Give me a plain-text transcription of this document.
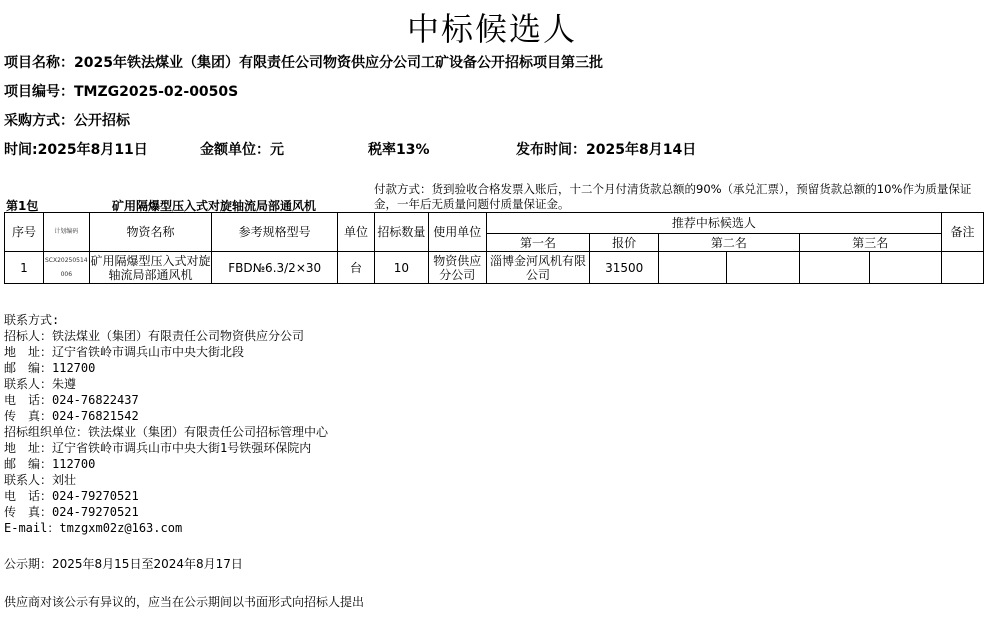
中标候选人
项目名称：2025年铁法煤业（集团）有限责任公司物资供应分公司工矿设备公开招标项目第三批
项目编号：TMZG2025-02-0050S
采购方式：公开招标
时间:2025年8月11日	金额单位：元	税率13%	发布时间：2025年8月14日
第1包	矿用隔爆型压入式对旋轴流局部通风机
付款方式：货到验收合格发票入账后，十二个月付清货款总额的90%（承兑汇票），预留货款总额的10%作为质量保证金，一年后无质量问题付质量保证金。
序号	计划编码	物资名称	参考规格型号	单位	招标数量	使用单位	推荐中标候选人						备注
							第一名	报价	第二名		第三名		
1	SCX20250514006	矿用隔爆型压入式对旋轴流局部通风机	FBD№6.3/2×30	台	10	物资供应分公司	淄博金河风机有限公司	31500					
联系方式:
招标人：铁法煤业（集团）有限责任公司物资供应分公司
地　址：辽宁省铁岭市调兵山市中央大街北段
邮　编：112700
联系人：朱遵
电　话：024-76822437
传　真：024-76821542
招标组织单位：铁法煤业（集团）有限责任公司招标管理中心
地　址：辽宁省铁岭市调兵山市中央大街1号铁强环保院内
邮　编：112700
联系人：刘壮
电　话：024-79270521
传　真：024-79270521
E-mail：tmzgxm02z@163.com
公示期：2025年8月15日至2024年8月17日
供应商对该公示有异议的，应当在公示期间以书面形式向招标人提出
